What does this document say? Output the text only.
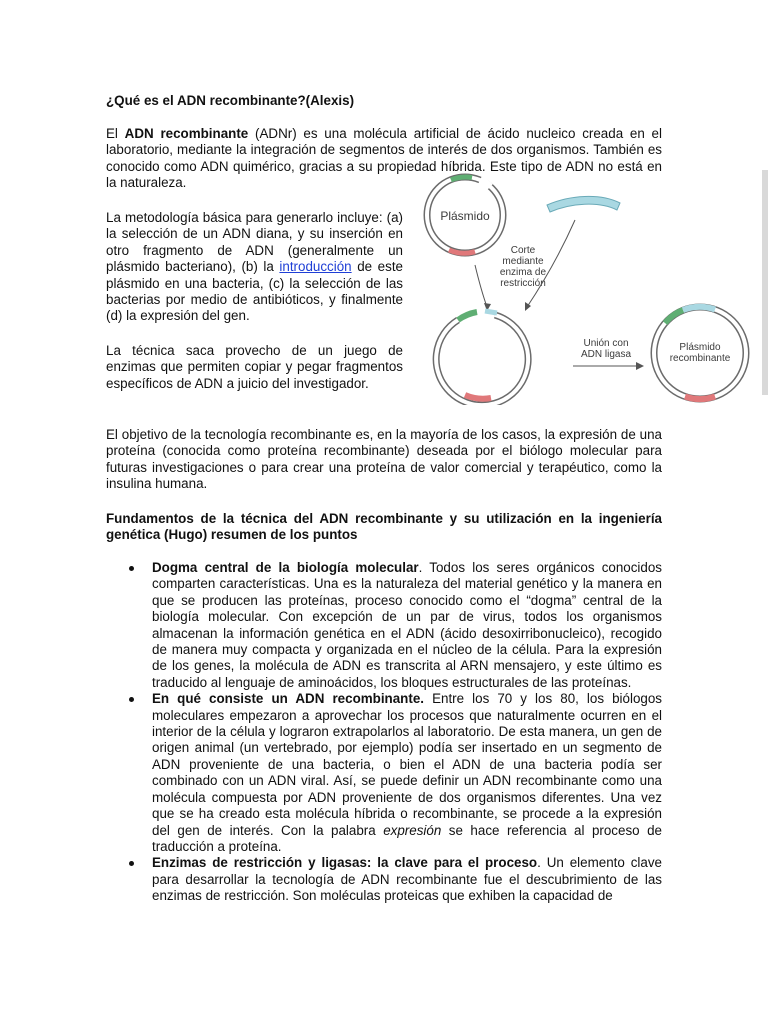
¿Qué es el ADN recombinante?(Alexis)

El ADN recombinante (ADNr) es una molécula artificial de ácido nucleico creada en el laboratorio, mediante la integración de segmentos de interés de dos organismos. También es conocido como ADN quimérico, gracias a su propiedad híbrida. Este tipo de ADN no está en la naturaleza.

La metodología básica para generarlo incluye: (a) la selección de un ADN diana, y su inserción en otro fragmento de ADN (generalmente un plásmido bacteriano), (b) la introducción de este plásmido en una bacteria, (c) la selección de las bacterias por medio de antibióticos, y finalmente (d) la expresión del gen.

La técnica saca provecho de un juego de enzimas que permiten copiar y pegar fragmentos específicos de ADN a juicio del investigador.

Plásmido
Corte
mediante
enzima de
restricción
Unión con
ADN ligasa
Plásmido
recombinante

El objetivo de la tecnología recombinante es, en la mayoría de los casos, la expresión de una proteína (conocida como proteína recombinante) deseada por el biólogo molecular para futuras investigaciones o para crear una proteína de valor comercial y terapéutico, como la insulina humana.

Fundamentos de la técnica del ADN recombinante y su utilización en la ingeniería genética (Hugo) resumen de los puntos

Dogma central de la biología molecular. Todos los seres orgánicos conocidos comparten características. Una es la naturaleza del material genético y la manera en que se producen las proteínas, proceso conocido como el “dogma” central de la biología molecular. Con excepción de un par de virus, todos los organismos almacenan la información genética en el ADN (ácido desoxirribonucleico), recogido de manera muy compacta y organizada en el núcleo de la célula. Para la expresión de los genes, la molécula de ADN es transcrita al ARN mensajero, y este último es traducido al lenguaje de aminoácidos, los bloques estructurales de las proteínas.
En qué consiste un ADN recombinante. Entre los 70 y los 80, los biólogos moleculares empezaron a aprovechar los procesos que naturalmente ocurren en el interior de la célula y lograron extrapolarlos al laboratorio. De esta manera, un gen de origen animal (un vertebrado, por ejemplo) podía ser insertado en un segmento de ADN proveniente de una bacteria, o bien el ADN de una bacteria podía ser combinado con un ADN viral. Así, se puede definir un ADN recombinante como una molécula compuesta por ADN proveniente de dos organismos diferentes. Una vez que se ha creado esta molécula híbrida o recombinante, se procede a la expresión del gen de interés. Con la palabra expresión se hace referencia al proceso de traducción a proteína.
Enzimas de restricción y ligasas: la clave para el proceso. Un elemento clave para desarrollar la tecnología de ADN recombinante fue el descubrimiento de las enzimas de restricción. Son moléculas proteicas que exhiben la capacidad de
